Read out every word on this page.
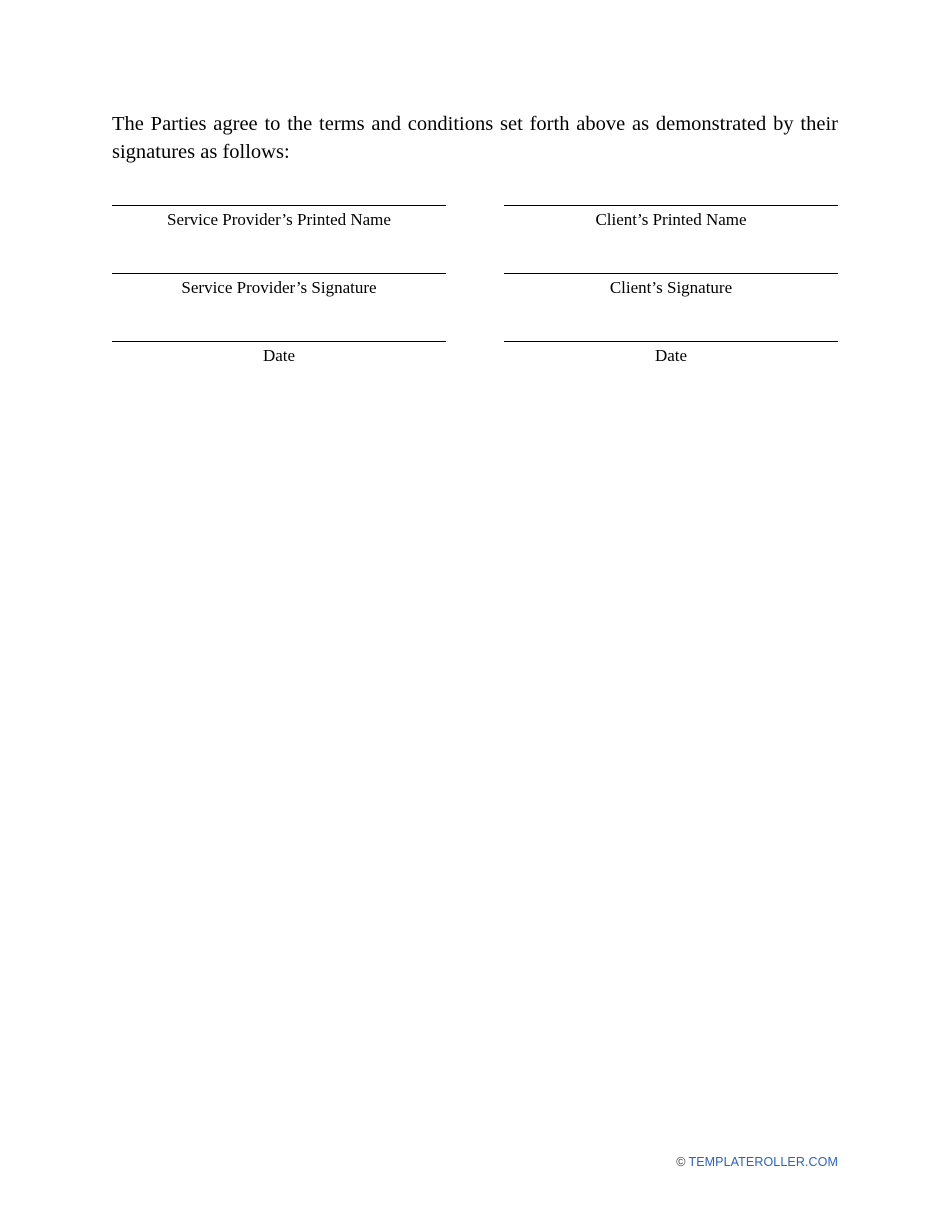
The Parties agree to the terms and conditions set forth above as demonstrated by their signatures as follows:

Service Provider’s Printed Name	Client’s Printed Name
Service Provider’s Signature	Client’s Signature
Date	Date
© TEMPLATEROLLER.COM
